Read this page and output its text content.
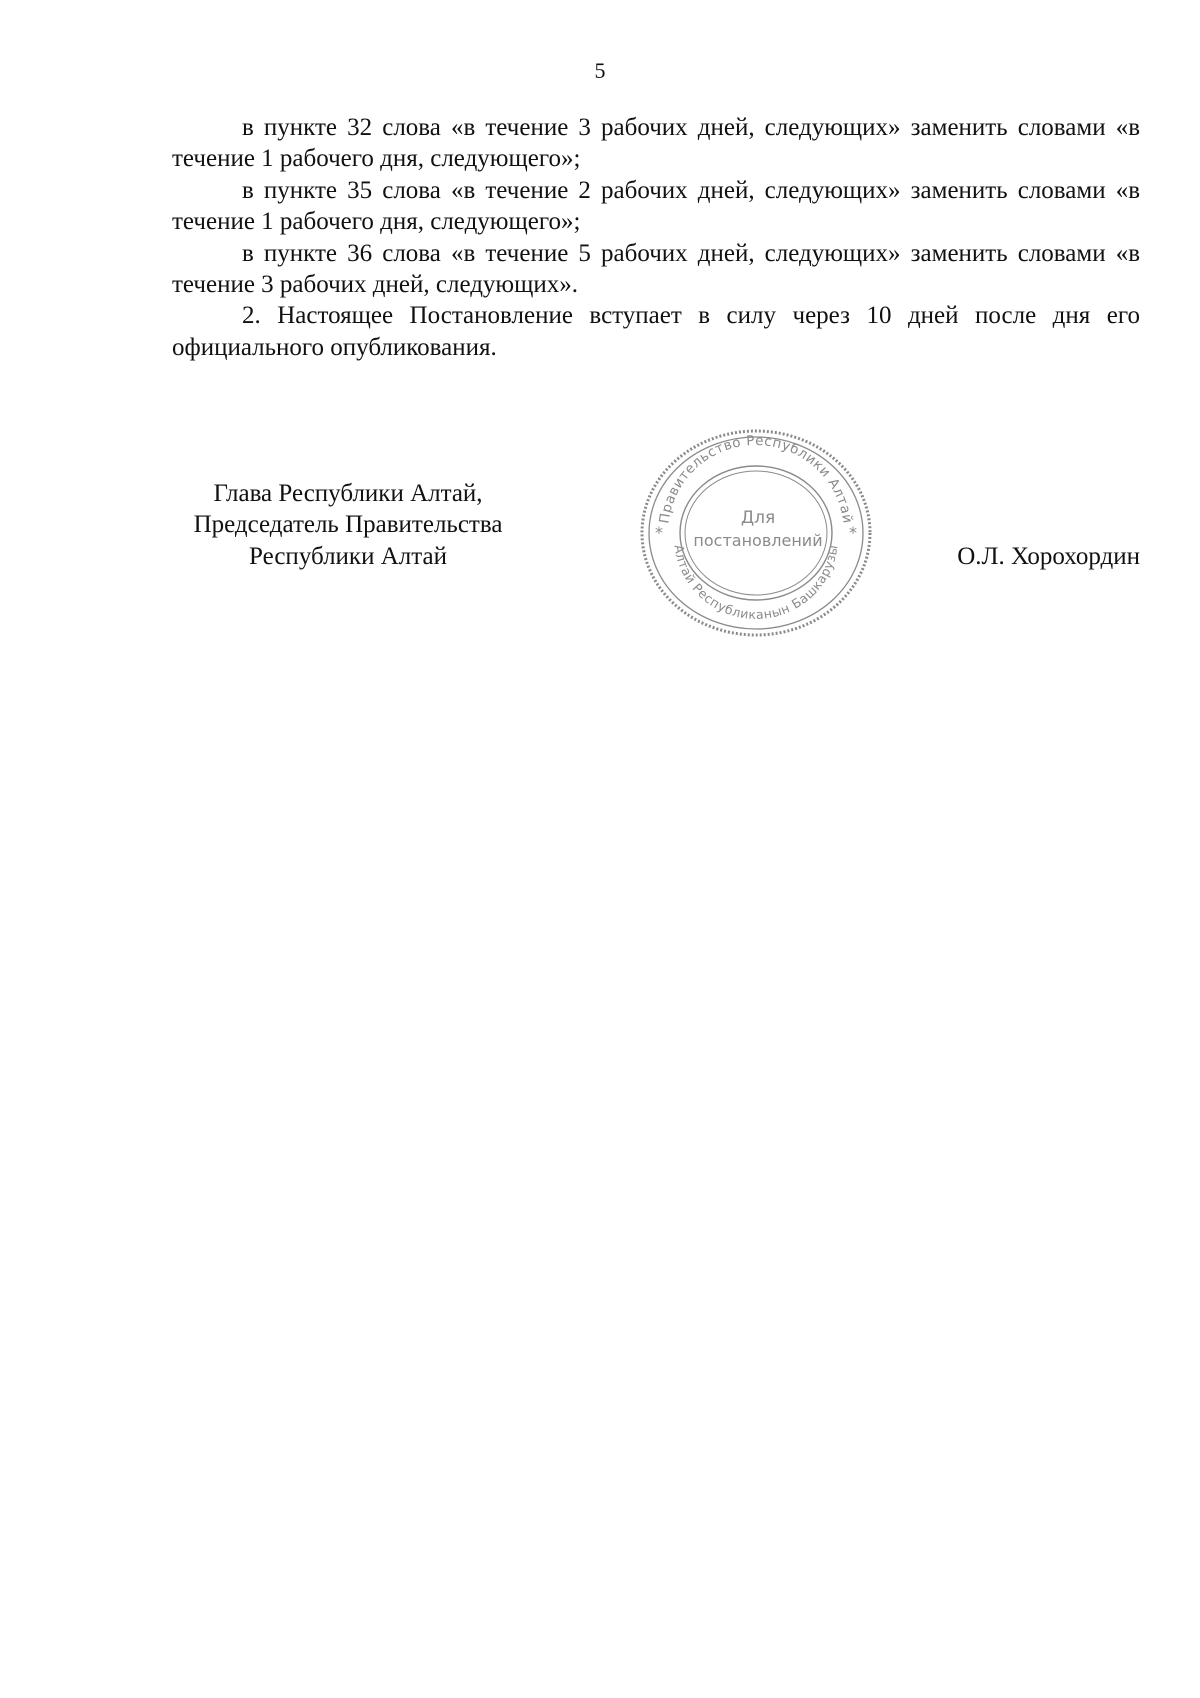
5

в пункте 32 слова «в течение 3 рабочих дней, следующих» заменить словами «в течение 1 рабочего дня, следующего»;

в пункте 35 слова «в течение 2 рабочих дней, следующих» заменить словами «в течение 1 рабочего дня, следующего»;

в пункте 36 слова «в течение 5 рабочих дней, следующих» заменить словами «в течение 3 рабочих дней, следующих».

2. Настоящее Постановление вступает в силу через 10 дней после дня его официального опубликования.

Глава Республики Алтай,
Председатель Правительства
Республики Алтай
Правительство Республики Алтай
Алтай Республиканын Башкарузы
*	*
Для
постановлений
О.Л. Хорохордин
